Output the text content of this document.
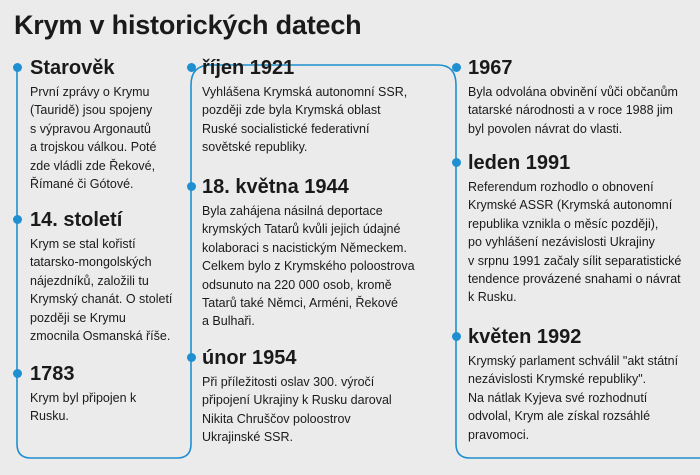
Krym v historických datech
Starověk
První zprávy o Krymu
(Tauridě) jsou spojeny
s výpravou Argonautů
a trojskou válkou. Poté
zde vládli zde Řekové,
Římané či Gótové.
14. století
Krym se stal kořistí
tatarsko-mongolských
nájezdníků, založili tu
Krymský chanát. O století
později se Krymu
zmocnila Osmanská říše.
1783
Krym byl připojen k
Rusku.
říjen 1921
Vyhlášena Krymská autonomní SSR,
později zde byla Krymská oblast
Ruské socialistické federativní
sovětské republiky.
18. května 1944
Byla zahájena násilná deportace
krymských Tatarů kvůli jejich údajné
kolaboraci s nacistickým Německem.
Celkem bylo z Krymského poloostrova
odsunuto na 220 000 osob, kromě
Tatarů také Němci, Arméni, Řekové
a Bulhaři.
únor 1954
Při příležitosti oslav 300. výročí
připojení Ukrajiny k Rusku daroval
Nikita Chruščov poloostrov
Ukrajinské SSR.
1967
Byla odvolána obvinění vůči občanům
tatarské národnosti a v roce 1988 jim
byl povolen návrat do vlasti.
leden 1991
Referendum rozhodlo o obnovení
Krymské ASSR (Krymská autonomní
republika vznikla o měsíc později),
po vyhlášení nezávislosti Ukrajiny
v srpnu 1991 začaly sílit separatistické
tendence provázené snahami o návrat
k Rusku.
květen 1992
Krymský parlament schválil "akt státní
nezávislosti Krymské republiky".
Na nátlak Kyjeva své rozhodnutí
odvolal, Krym ale získal rozsáhlé
pravomoci.
